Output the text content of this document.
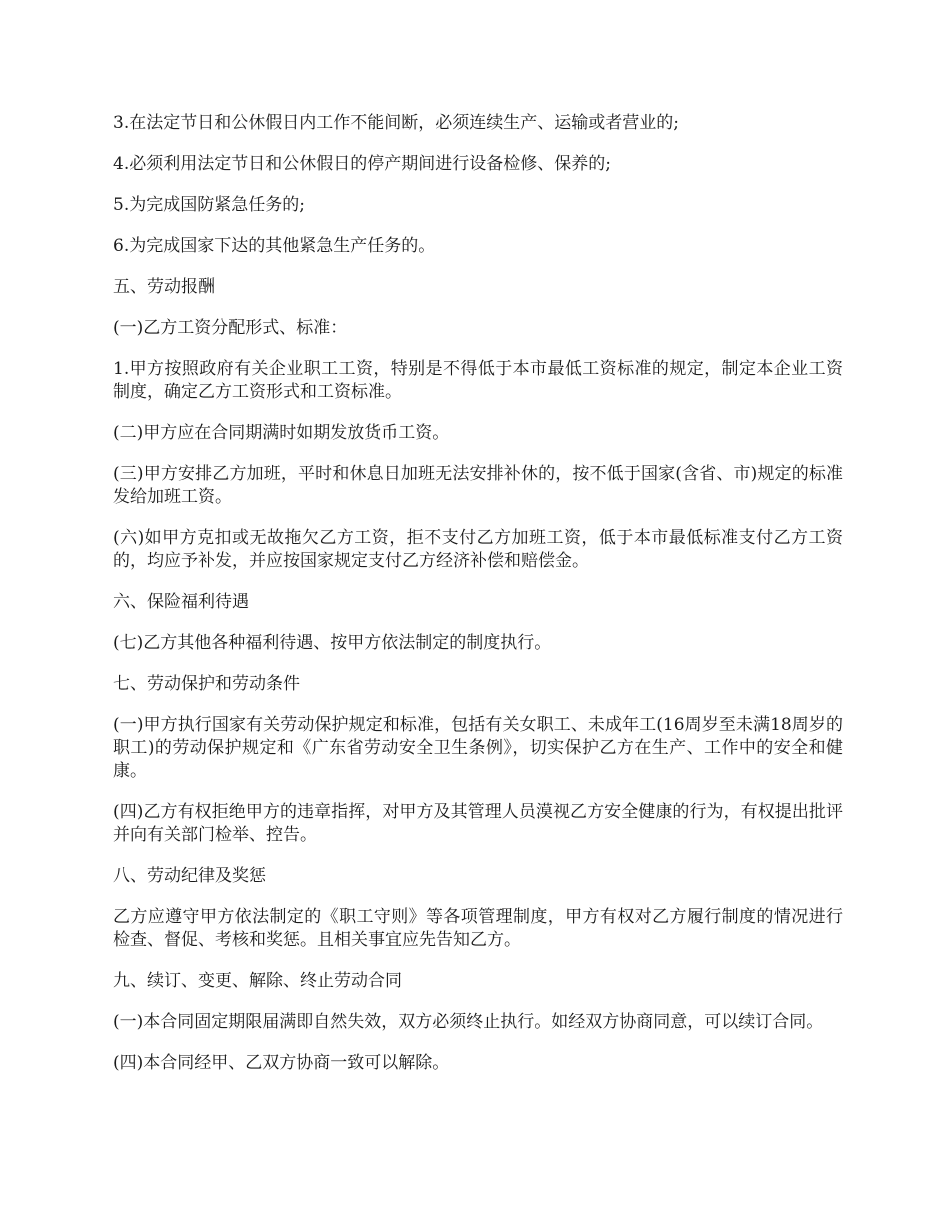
3.在法定节日和公休假日内工作不能间断，必须连续生产、运输或者营业的;

4.必须利用法定节日和公休假日的停产期间进行设备检修、保养的;

5.为完成国防紧急任务的;

6.为完成国家下达的其他紧急生产任务的。

五、劳动报酬

(一)乙方工资分配形式、标准：

1.甲方按照政府有关企业职工工资，特别是不得低于本市最低工资标准的规定，制定本企业工资制度，确定乙方工资形式和工资标准。

(二)甲方应在合同期满时如期发放货币工资。

(三)甲方安排乙方加班，平时和休息日加班无法安排补休的，按不低于国家(含省、市)规定的标准发给加班工资。

(六)如甲方克扣或无故拖欠乙方工资，拒不支付乙方加班工资，低于本市最低标准支付乙方工资的，均应予补发，并应按国家规定支付乙方经济补偿和赔偿金。

六、保险福利待遇

(七)乙方其他各种福利待遇、按甲方依法制定的制度执行。

七、劳动保护和劳动条件

(一)甲方执行国家有关劳动保护规定和标准，包括有关女职工、未成年工(16周岁至未满18周岁的职工)的劳动保护规定和《广东省劳动安全卫生条例》，切实保护乙方在生产、工作中的安全和健康。

(四)乙方有权拒绝甲方的违章指挥，对甲方及其管理人员漠视乙方安全健康的行为，有权提出批评并向有关部门检举、控告。

八、劳动纪律及奖惩

乙方应遵守甲方依法制定的《职工守则》等各项管理制度，甲方有权对乙方履行制度的情况进行检查、督促、考核和奖惩。且相关事宜应先告知乙方。

九、续订、变更、解除、终止劳动合同

(一)本合同固定期限届满即自然失效，双方必须终止执行。如经双方协商同意，可以续订合同。

(四)本合同经甲、乙双方协商一致可以解除。
